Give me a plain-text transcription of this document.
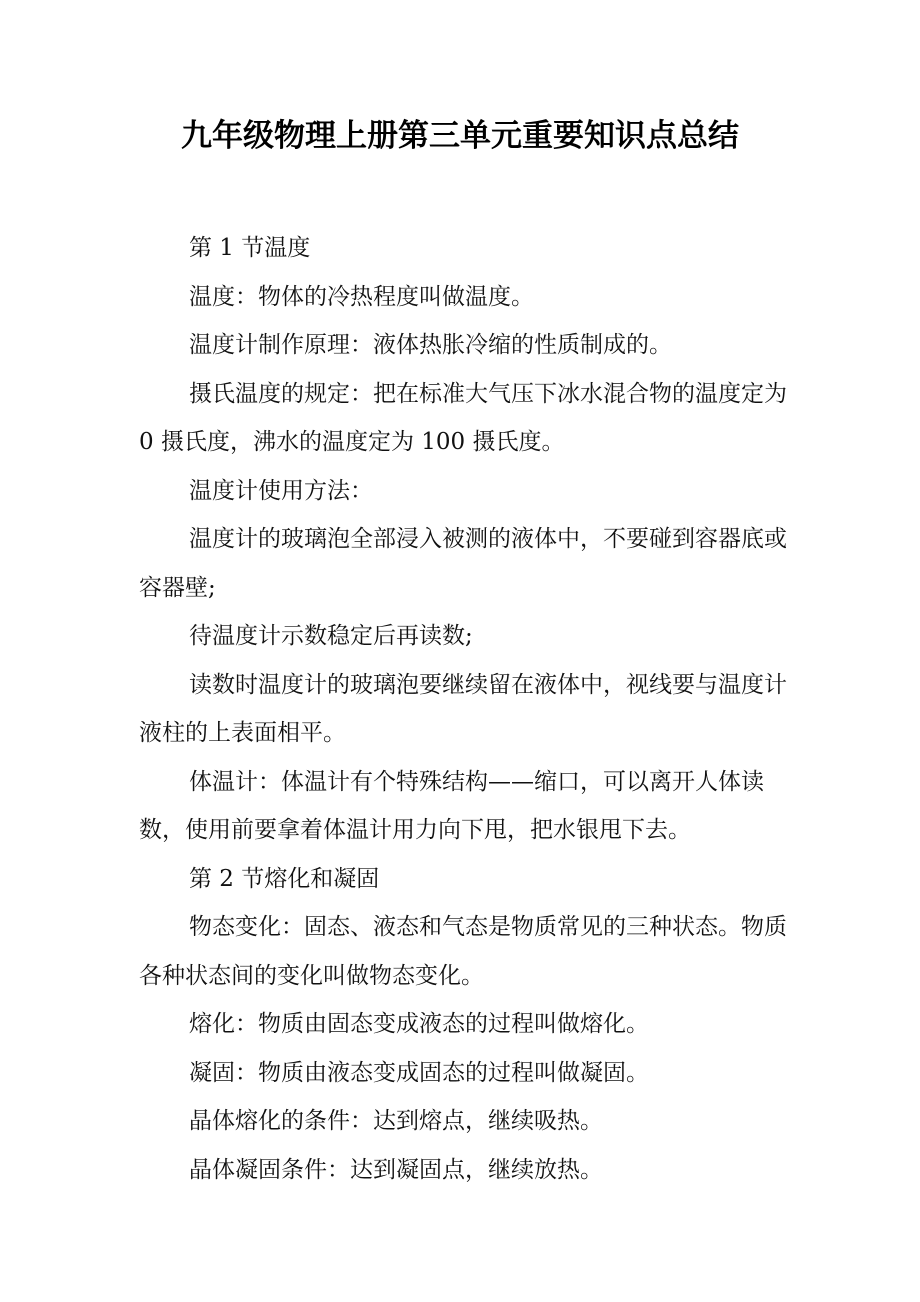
九年级物理上册第三单元重要知识点总结

第 1 节温度

温度：物体的冷热程度叫做温度。

温度计制作原理：液体热胀冷缩的性质制成的。

摄氏温度的规定：把在标准大气压下冰水混合物的温度定为 0 摄氏度，沸水的温度定为 100 摄氏度。

温度计使用方法：

温度计的玻璃泡全部浸入被测的液体中，不要碰到容器底或容器壁;

待温度计示数稳定后再读数;

读数时温度计的玻璃泡要继续留在液体中，视线要与温度计液柱的上表面相平。

体温计：体温计有个特殊结构——缩口，可以离开人体读数，使用前要拿着体温计用力向下甩，把水银甩下去。

第 2 节熔化和凝固

物态变化：固态、液态和气态是物质常见的三种状态。物质各种状态间的变化叫做物态变化。

熔化：物质由固态变成液态的过程叫做熔化。

凝固：物质由液态变成固态的过程叫做凝固。

晶体熔化的条件：达到熔点，继续吸热。

晶体凝固条件：达到凝固点，继续放热。
